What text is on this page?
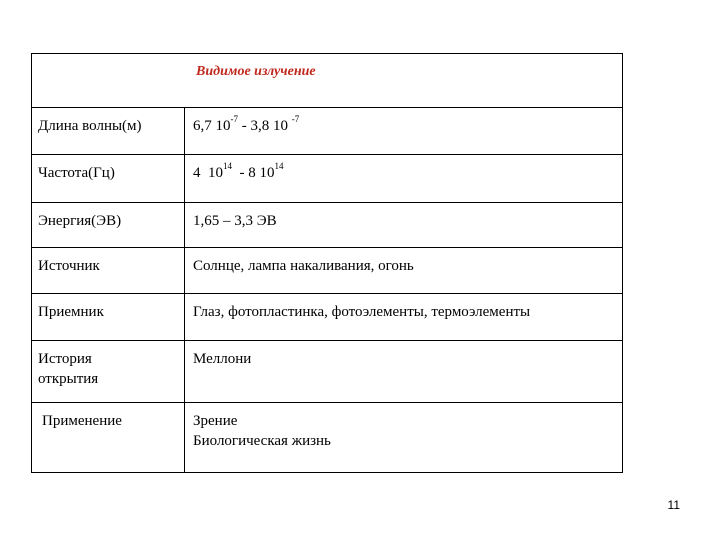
Видимое излучение	

Длина волны(м)	6,7 $10^{-7} - 3,8$ 10 $^{-7}$

Частота(Гц)	4  $10^{14} - 8$ $10^{14}$

Энергия(ЭВ)	1,65 – 3,3 ЭВ

Источник	Солнце, лампа накаливания, огонь

Приемник	Глаз, фотопластинка, фотоэлементы, термоэлементы

История
открытия	Меллони

Применение	Зрение
Биологическая жизнь
11
